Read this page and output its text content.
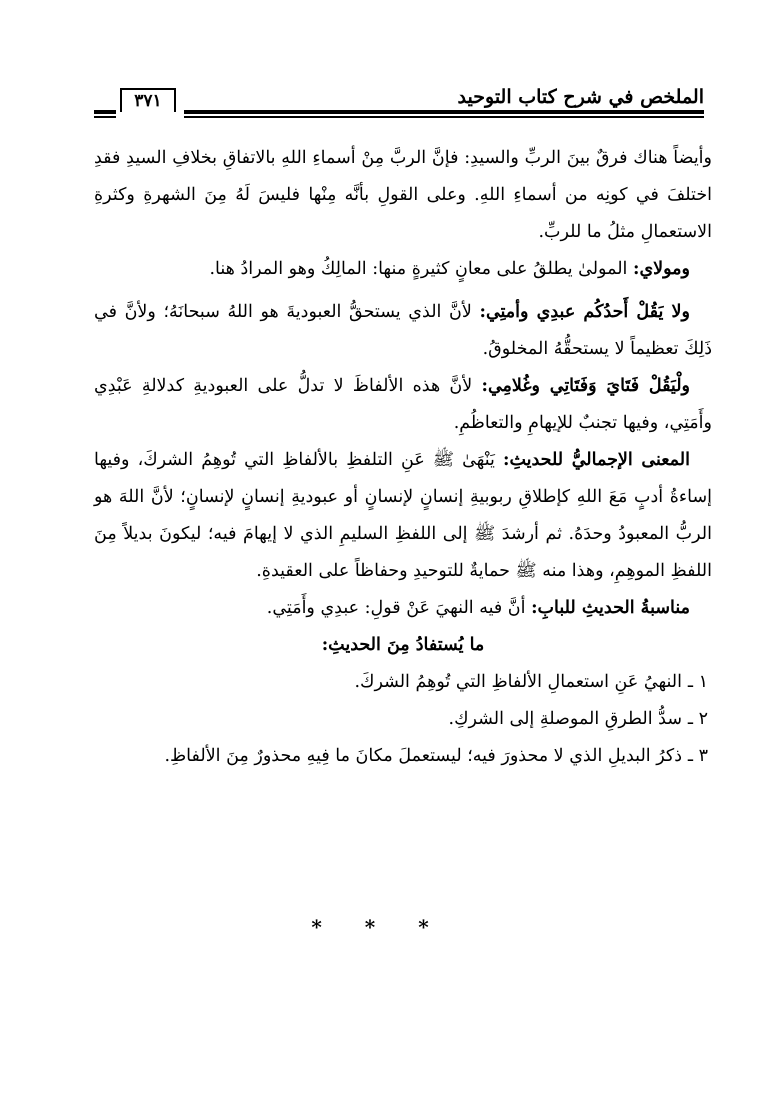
الملخص في شرح كتاب التوحيد
٣٧١

وأيضاً هناك فرقٌ بينَ الربِّ والسيدِ: فإنَّ الربَّ مِنْ أسماءِ اللهِ بالاتفاقِ بخلافِ السيدِ فقدِ اختلفَ في كونِه من أسماءِ اللهِ. وعلى القولِ بأنَّه مِنْها فليسَ لَهُ مِنَ الشهرةِ وكثرةِ الاستعمالِ مثلُ ما للربِّ.

ومولاي: المولىٰ يطلقُ على معانٍ كثيرةٍ منها: المالِكُ وهو المرادُ هنا.

ولا يَقُلْ أَحدُكُم عبدِي وأمتِي: لأنَّ الذي يستحقُّ العبوديةَ هو اللهُ سبحانَهُ؛ ولأنَّ في ذَلِكَ تعظيماً لا يستحقُّهُ المخلوقُ.

ولْيَقُلْ فَتَايَ وَفَتَاتِي وغُلامِي: لأنَّ هذه الألفاظَ لا تدلُّ على العبوديةِ كدلالةِ عَبْدِي وأَمَتِي، وفيها تجنبٌ للإيهامِ والتعاظُمِ.

المعنى الإجماليُّ للحديثِ: يَنْهَىٰ ﷺ عَنِ التلفظِ بالألفاظِ التي تُوهِمُ الشركَ، وفيها إساءةُ أدبٍ مَعَ اللهِ كإطلاقِ ربوبيةِ إنسانٍ لإنسانٍ أو عبوديةِ إنسانٍ لإنسانٍ؛ لأنَّ اللهَ هو الربُّ المعبودُ وحدَهُ. ثم أرشدَ ﷺ إلى اللفظِ السليمِ الذي لا إيهامَ فيه؛ ليكونَ بديلاً مِنَ اللفظِ الموهِمِ، وهذا منه ﷺ حمايةٌ للتوحيدِ وحفاظاً على العقيدةِ.

مناسبةُ الحديثِ للبابِ: أنَّ فيه النهيَ عَنْ قولِ: عبدِي وأَمَتِي.

ما يُستفادُ مِنَ الحديثِ:

١ ـ
النهيُ عَنِ استعمالِ الألفاظِ التي تُوهِمُ الشركَ.

٢ ـ
سدُّ الطرقِ الموصلةِ إلى الشركِ.

٣ ـ
ذكرُ البديلِ الذي لا محذورَ فيه؛ ليستعملَ مكانَ ما فِيهِ محذورٌ مِنَ الألفاظِ.

* * *
